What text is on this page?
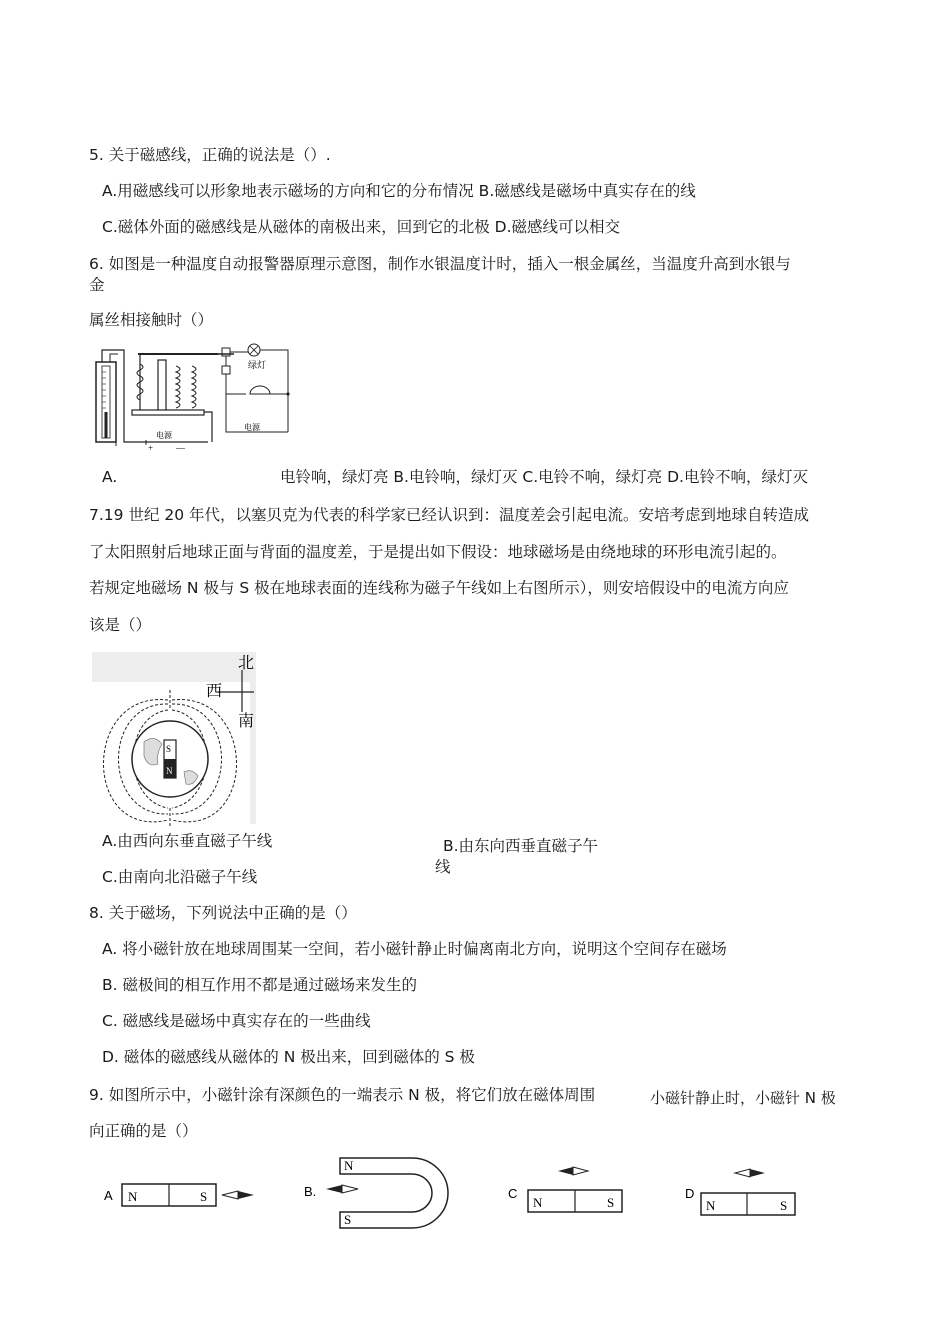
5. 关于磁感线，正确的说法是（）.
A.用磁感线可以形象地表示磁场的方向和它的分布情况 B.磁感线是磁场中真实存在的线
C.磁体外面的磁感线是从磁体的南极出来，回到它的北极 D.磁感线可以相交
6. 如图是一种温度自动报警器原理示意图，制作水银温度计时，插入一根金属丝，当温度升高到水银与
金
属丝相接触时（）
电源
+	—
绿灯
电源
A.	电铃响，绿灯亮 B.电铃响，绿灯灭 C.电铃不响，绿灯亮 D.电铃不响，绿灯灭
7.19 世纪 20 年代，以塞贝克为代表的科学家已经认识到：温度差会引起电流。安培考虑到地球自转造成
了太阳照射后地球正面与背面的温度差，于是提出如下假设：地球磁场是由绕地球的环形电流引起的。
若规定地磁场 N 极与 S 极在地球表面的连线称为磁子午线如上右图所示），则安培假设中的电流方向应
该是（）
北
西
南
S
N
A.由西向东垂直磁子午线	B.由东向西垂直磁子午
线
C.由南向北沿磁子午线
8. 关于磁场，下列说法中正确的是（）
A. 将小磁针放在地球周围某一空间，若小磁针静止时偏离南北方向，说明这个空间存在磁场
B. 磁极间的相互作用不都是通过磁场来发生的
C. 磁感线是磁场中真实存在的一些曲线
D. 磁体的磁感线从磁体的 N 极出来，回到磁体的 S 极
9. 如图所示中，小磁针涂有深颜色的一端表示 N 极，将它们放在磁体周围	小磁针静止时，小磁针 N 极
向正确的是（）
A N	S	B.
N
S
C
N	S
D
N	S
